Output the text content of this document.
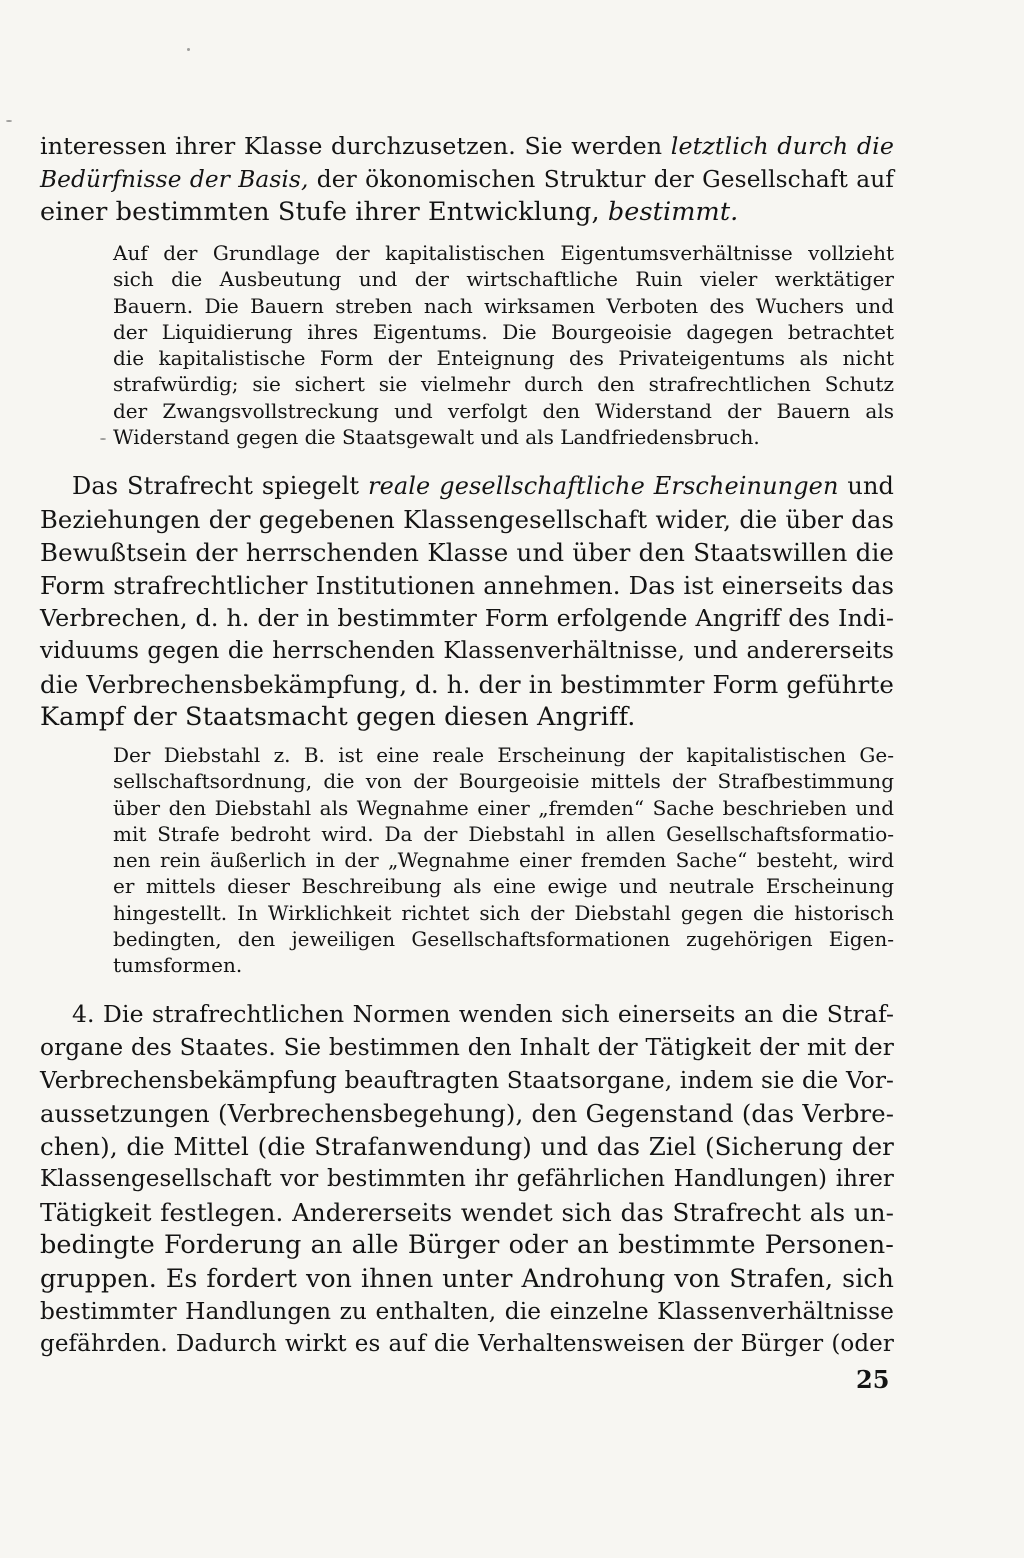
interessen ihrer Klasse durchzusetzen. Sie werden letztlich durch die
Bedürfnisse der Basis, der ökonomischen Struktur der Gesellschaft auf
einer bestimmten Stufe ihrer Entwicklung, bestimmt.
Auf der Grundlage der kapitalistischen Eigentumsverhältnisse vollzieht
sich die Ausbeutung und der wirtschaftliche Ruin vieler werktätiger
Bauern. Die Bauern streben nach wirksamen Verboten des Wuchers und
der Liquidierung ihres Eigentums. Die Bourgeoisie dagegen betrachtet
die kapitalistische Form der Enteignung des Privateigentums als nicht
strafwürdig; sie sichert sie vielmehr durch den strafrechtlichen Schutz
der Zwangsvollstreckung und verfolgt den Widerstand der Bauern als
Widerstand gegen die Staatsgewalt und als Landfriedensbruch.
Das Strafrecht spiegelt reale gesellschaftliche Erscheinungen und
Beziehungen der gegebenen Klassengesellschaft wider, die über das
Bewußtsein der herrschenden Klasse und über den Staatswillen die
Form strafrechtlicher Institutionen annehmen. Das ist einerseits das
Verbrechen, d. h. der in bestimmter Form erfolgende Angriff des Indi-
viduums gegen die herrschenden Klassenverhältnisse, und andererseits
die Verbrechensbekämpfung, d. h. der in bestimmter Form geführte
Kampf der Staatsmacht gegen diesen Angriff.
Der Diebstahl z. B. ist eine reale Erscheinung der kapitalistischen Ge-
sellschaftsordnung, die von der Bourgeoisie mittels der Strafbestimmung
über den Diebstahl als Wegnahme einer „fremden“ Sache beschrieben und
mit Strafe bedroht wird. Da der Diebstahl in allen Gesellschaftsformatio-
nen rein äußerlich in der „Wegnahme einer fremden Sache“ besteht, wird
er mittels dieser Beschreibung als eine ewige und neutrale Erscheinung
hingestellt. In Wirklichkeit richtet sich der Diebstahl gegen die historisch
bedingten, den jeweiligen Gesellschaftsformationen zugehörigen Eigen-
tumsformen.
4. Die strafrechtlichen Normen wenden sich einerseits an die Straf-
organe des Staates. Sie bestimmen den Inhalt der Tätigkeit der mit der
Verbrechensbekämpfung beauftragten Staatsorgane, indem sie die Vor-
aussetzungen (Verbrechensbegehung), den Gegenstand (das Verbre-
chen), die Mittel (die Strafanwendung) und das Ziel (Sicherung der
Klassengesellschaft vor bestimmten ihr gefährlichen Handlungen) ihrer
Tätigkeit festlegen. Andererseits wendet sich das Strafrecht als un-
bedingte Forderung an alle Bürger oder an bestimmte Personen-
gruppen. Es fordert von ihnen unter Androhung von Strafen, sich
bestimmter Handlungen zu enthalten, die einzelne Klassenverhältnisse
gefährden. Dadurch wirkt es auf die Verhaltensweisen der Bürger (oder
25
